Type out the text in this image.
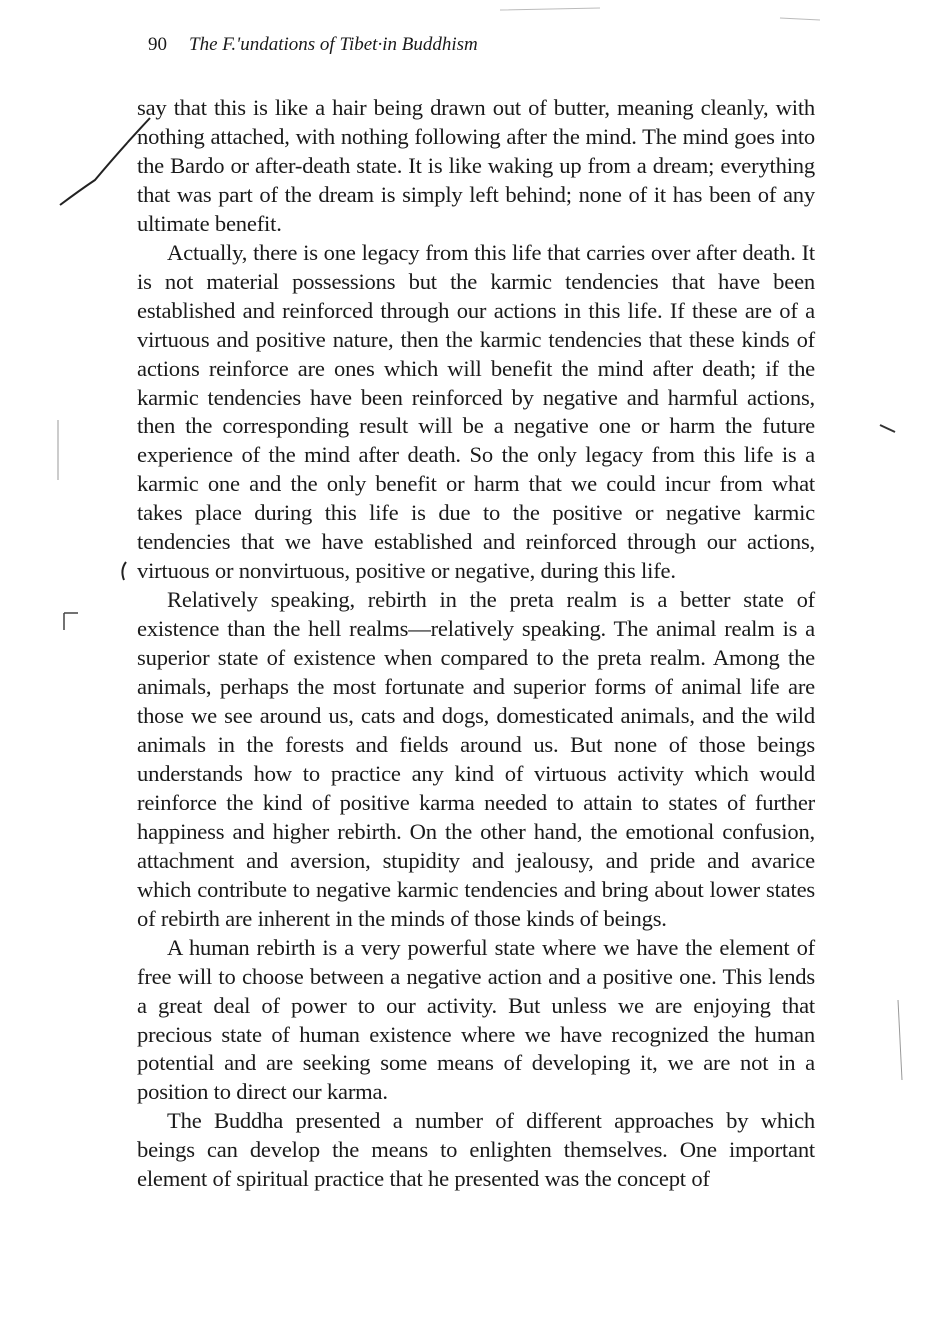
90 The F.'undations of Tibet·in Buddhism

say that this is like a hair being drawn out of butter, meaning cleanly, with nothing attached, with nothing following after the mind. The mind goes into the Bardo or after-death state. It is like waking up from a dream; everything that was part of the dream is simply left behind; none of it has been of any ultimate benefit.

Actually, there is one legacy from this life that carries over after death. It is not material possessions but the karmic tendencies that have been established and reinforced through our actions in this life. If these are of a virtuous and positive nature, then the karmic tendencies that these kinds of actions reinforce are ones which will benefit the mind after death; if the karmic tendencies have been reinforced by negative and harmful actions, then the corresponding result will be a negative one or harm the future experience of the mind after death. So the only legacy from this life is a karmic one and the only benefit or harm that we could incur from what takes place during this life is due to the positive or negative karmic tendencies that we have established and reinforced through our actions, virtuous or nonvirtuous, positive or negative, during this life.

Relatively speaking, rebirth in the preta realm is a better state of existence than the hell realms—relatively speaking. The animal realm is a superior state of existence when compared to the preta realm. Among the animals, perhaps the most fortunate and superior forms of animal life are those we see around us, cats and dogs, domesticated animals, and the wild animals in the forests and fields around us. But none of those beings understands how to practice any kind of virtuous activity which would reinforce the kind of positive karma needed to attain to states of further happiness and higher rebirth. On the other hand, the emotional confusion, attachment and aversion, stupidity and jealousy, and pride and avarice which contribute to negative karmic tendencies and bring about lower states of rebirth are inherent in the minds of those kinds of beings.

A human rebirth is a very powerful state where we have the element of free will to choose between a negative action and a positive one. This lends a great deal of power to our activity. But unless we are enjoying that precious state of human existence where we have recognized the human potential and are seeking some means of developing it, we are not in a position to direct our karma.

The Buddha presented a number of different approaches by which beings can develop the means to enlighten themselves. One important element of spiritual practice that he presented was the concept of
